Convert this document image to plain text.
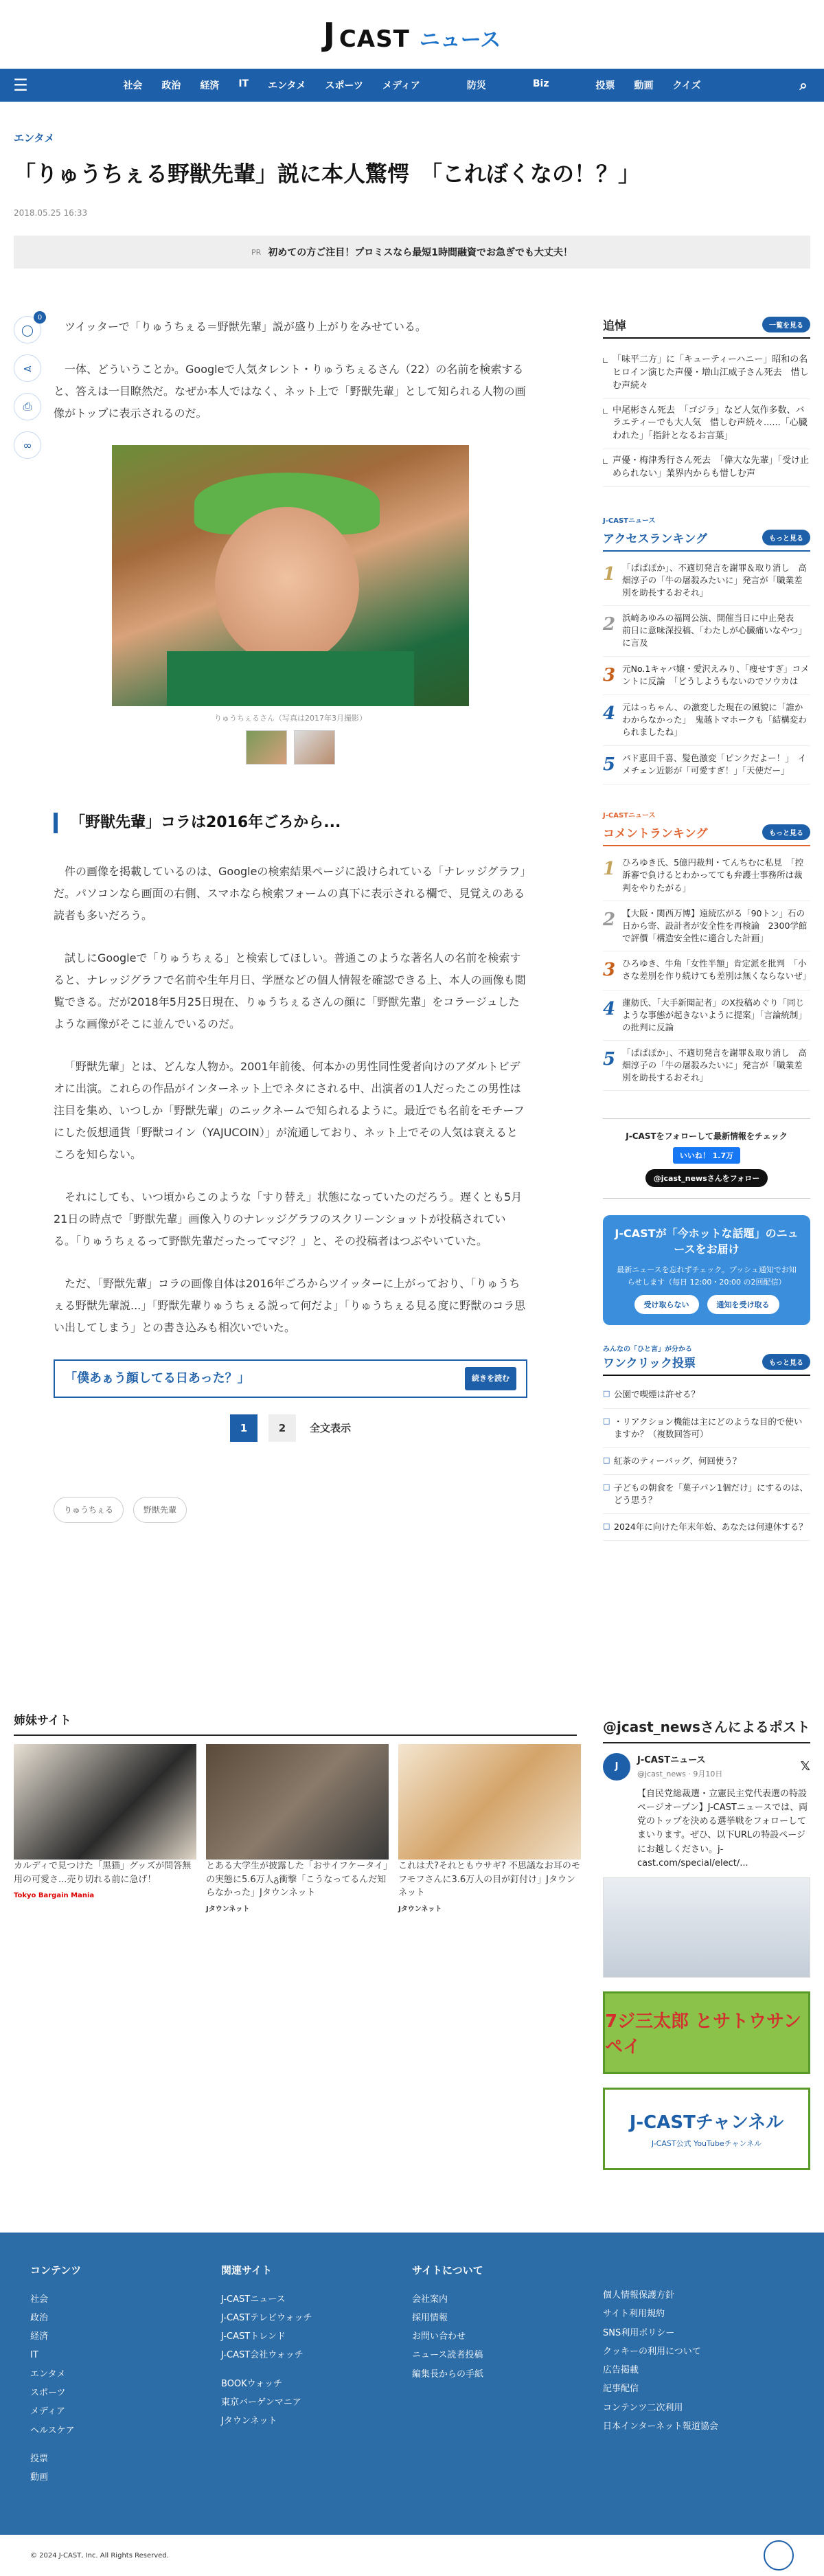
J CAST ニュース
☰	社会	政治	経済	IT	エンタメ	スポーツ	メディア	防災	Biz	投票	動画	クイズ	⌕
エンタメ
「りゅうちぇる野獣先輩」説に本人驚愕　「これぼくなの！？」
2018.05.25 16:33
PR 初めての方ご注目！プロミスなら最短1時間融資でお急ぎでも大丈夫！
◯
0
⋖
⎙
∞

ツイッターで「りゅうちぇる＝野獣先輩」説が盛り上がりをみせている。

一体、どういうことか。Googleで人気タレント・りゅうちぇるさん（22）の名前を検索すると、答えは一目瞭然だ。なぜか本人ではなく、ネット上で「野獣先輩」として知られる人物の画像がトップに表示されるのだ。

りゅうちぇるさん（写真は2017年3月撮影）
「野獣先輩」コラは2016年ごろから...

件の画像を掲載しているのは、Googleの検索結果ページに設けられている「ナレッジグラフ」だ。パソコンなら画面の右側、スマホなら検索フォームの真下に表示される欄で、見覚えのある読者も多いだろう。

試しにGoogleで「りゅうちぇる」と検索してほしい。普通このような著名人の名前を検索すると、ナレッジグラフで名前や生年月日、学歴などの個人情報を確認できる上、本人の画像も閲覧できる。だが2018年5月25日現在、りゅうちぇるさんの顔に「野獣先輩」をコラージュしたような画像がそこに並んでいるのだ。

「野獣先輩」とは、どんな人物か。2001年前後、何本かの男性同性愛者向けのアダルトビデオに出演。これらの作品がインターネット上でネタにされる中、出演者の1人だったこの男性は注目を集め、いつしか「野獣先輩」のニックネームで知られるように。最近でも名前をモチーフにした仮想通貨「野獣コイン（YAJUCOIN）」が流通しており、ネット上でその人気は衰えるところを知らない。

それにしても、いつ頃からこのような「すり替え」状態になっていたのだろう。遅くとも5月21日の時点で「野獣先輩」画像入りのナレッジグラフのスクリーンショットが投稿されている。「りゅうちぇるって野獣先輩だったってマジ？」と、その投稿者はつぶやいていた。

ただ、「野獣先輩」コラの画像自体は2016年ごろからツイッターに上がっており、「りゅうちぇる野獣先輩説...」「野獣先輩りゅうちぇる説って何だよ」「りゅうちぇる見る度に野獣のコラ思い出してしまう」との書き込みも相次いでいた。

「僕あぁう顔してる日あった？」	続きを読む
1	2	全文表示
りゅうちぇる	野獣先輩
追悼	一覧を見る
「味平二方」に「キューティーハニー」昭和の名ヒロイン演じた声優・増山江威子さん死去　惜しむ声続々
中尾彬さん死去　「ゴジラ」など人気作多数、バラエティーでも大人気　惜しむ声続々......「心臓われた」「指針となるお言葉」
声優・梅津秀行さん死去　「偉大な先輩」「受け止められない」業界内からも惜しむ声
J-CASTニュース
アクセスランキング	もっと見る
1 「ぱぱぽか」、不適切発言を謝罪＆取り消し　高畑淳子の「牛の屠殺みたいに」発言が「職業差別を助長するおそれ」
2 浜崎あゆみの福岡公演、開催当日に中止発表　前日に意味深投稿、「わたしが心臓痛いなやつ」に言及
3 元No.1キャバ嬢・愛沢えみり、「痩せすぎ」コメントに反論　「どうしようもないのでソウカは
4 元はっちゃん、の激変した現在の風貌に「誰かわからなかった」　鬼越トマホークも「結構変わられましたね」
5 パド恵田千喜、髪色激変「ピンクだよー！」　イメチェン近影が「可愛すぎ！」「天使だー」
J-CASTニュース
コメントランキング	もっと見る
1 ひろゆき氏、5億円裁判・てんちむに私見　「控訴審で負けるとわかってても弁護士事務所は裁判をやりたがる」
2 【大阪・関西万博】遠続広がる「90トン」石の日から寄、設計者が安全性を再検論　2300学館で評價「構造安全性に適合した計画」
3 ひろゆき、牛角「女性半額」肯定派を批判　「小さな差別を作り続けても差別は無くならないぜ」
4 蓮舫氏、「大手新聞記者」のX投稿めぐり「同じような事態が起きないように提案」「言論統制」の批判に反論
5 「ぱぱぽか」、不適切発言を謝罪＆取り消し　高畑淳子の「牛の屠殺みたいに」発言が「職業差別を助長するおそれ」
J-CASTをフォローして最新情報をチェック
いいね！ 1.7万
@jcast_newsさんをフォロー
J-CASTが「今ホットな話題」のニュースをお届け
最新ニュースを忘れずチェック。プッシュ通知でお知らせします（毎日 12:00・20:00 の2回配信）
受け取らない	通知を受け取る
みんなの「ひと言」が分かる
ワンクリック投票	もっと見る
□ 公園で喫煙は許せる？
□ ・リアクション機能は主にどのような目的で使いますか？（複数回答可）
□ 紅茶のティーバッグ、何回使う？
□ 子どもの朝食を「菓子パン1個だけ」にするのは、どう思う？
□ 2024年に向けた年末年始、あなたは何連休する？
姉妹サイト
カルディで見つけた「黒猫」グッズが問答無用の可愛さ...売り切れる前に急げ！
Tokyo Bargain Mania
とある大学生が披露した「おサイフケータイ」の実態に5.6万人გ衝撃「こうなってるんだ知らなかった」Jタウンネット
Jタウンネット
これは犬?それともウサギ? 不思議なお耳のモフモフさんに3.6万人の目が釘付け」Jタウンネット
Jタウンネット
@jcast_newsさんによるポスト
J
J-CASTニュース
@jcast_news · 9月10日	𝕏
【自民党総裁選・立憲民主党代表選の特設ページオープン】J-CASTニュースでは、両党のトップを決める選挙戦をフォローしてまいります。ぜひ、以下URLの特設ページにお越しください。j-cast.com/special/elect/...
7ジ三太郎 とサトウサンペイ
J-CASTチャンネル
J-CAST公式 YouTubeチャンネル
コンテンツ
社会
政治
経済
IT
エンタメ
スポーツ
メディア
ヘルスケア
投票
動画
関連サイト
J-CASTニュース
J-CASTテレビウォッチ
J-CASTトレンド
J-CAST会社ウォッチ
BOOKウォッチ
東京バーゲンマニア
Jタウンネット
サイトについて
会社案内
採用情報
お問い合わせ
ニュース読者投稿
編集長からの手紙
個人情報保護方針
サイト利用規約
SNS利用ポリシー
クッキーの利用について
広告掲載
記事配信
コンテンツ二次利用
日本インターネット報道協会
© 2024 J-CAST, Inc. All Rights Reserved.
